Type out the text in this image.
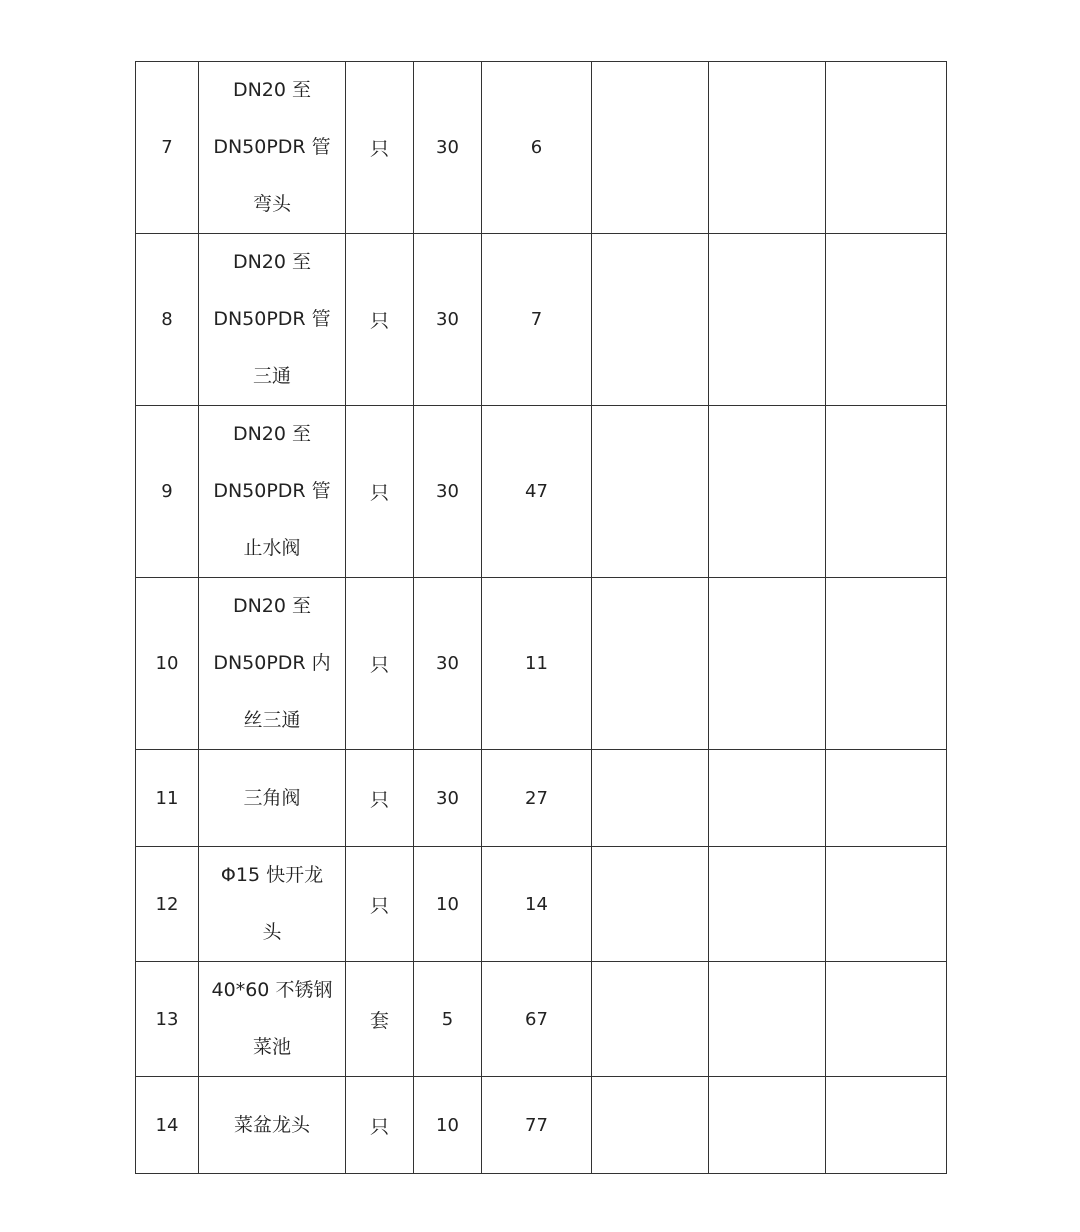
7	DN20 至
DN50PDR 管
弯头	只	30	6			
8	DN20 至
DN50PDR 管
三通	只	30	7			
9	DN20 至
DN50PDR 管
止水阀	只	30	47			
10	DN20 至
DN50PDR 内
丝三通	只	30	11			
11	三角阀	只	30	27			
12	Φ15 快开龙
头	只	10	14			
13	40*60 不锈钢
菜池	套	5	67			
14	菜盆龙头	只	10	77			
